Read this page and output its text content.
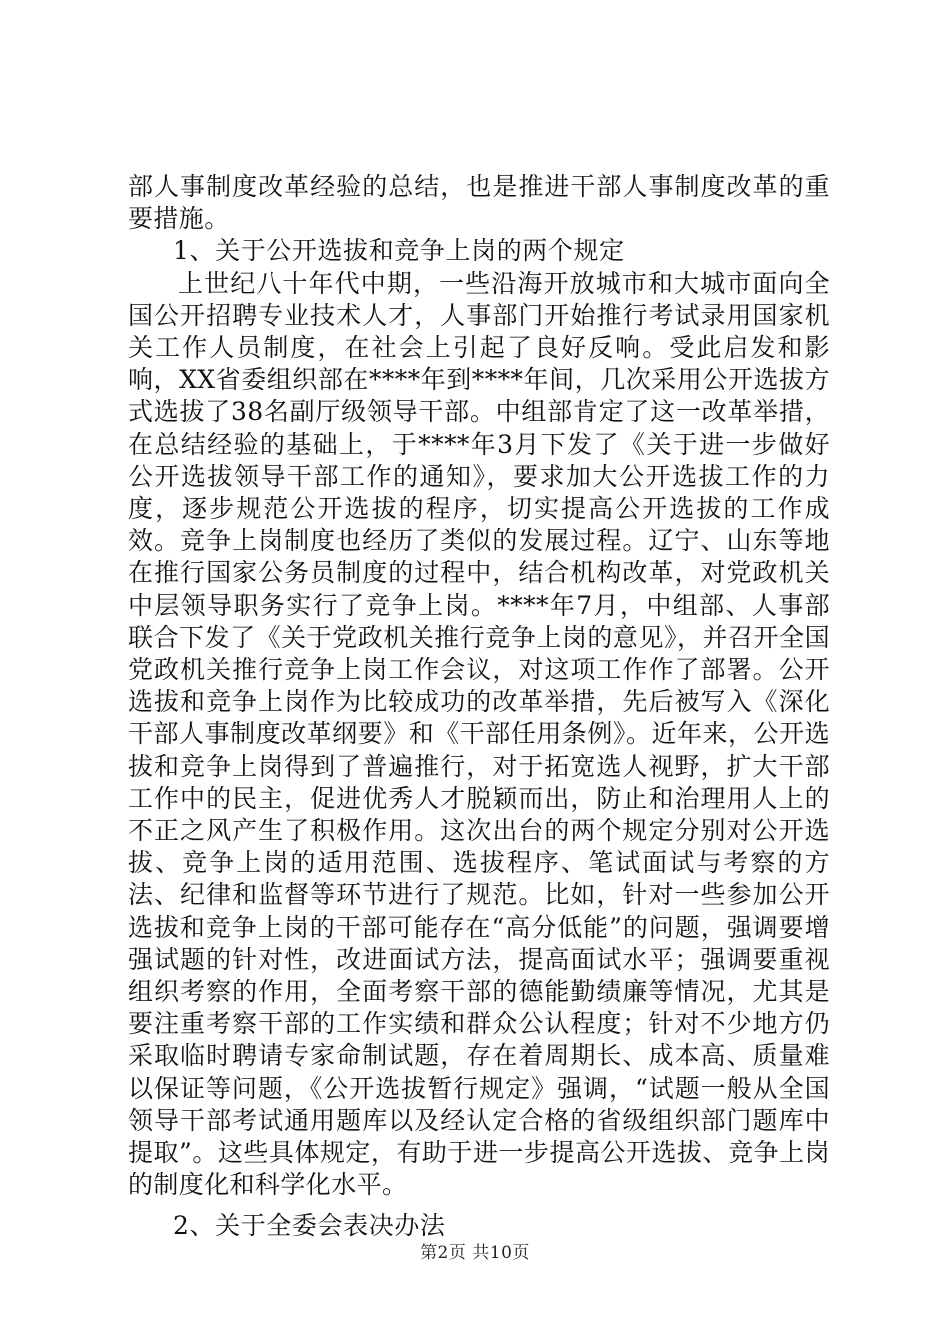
部人事制度改革经验的总结，也是推进干部人事制度改革的重要措施。

1、关于公开选拔和竞争上岗的两个规定

上世纪八十年代中期，一些沿海开放城市和大城市面向全国公开招聘专业技术人才，人事部门开始推行考试录用国家机关工作人员制度，在社会上引起了良好反响。受此启发和影响，XX省委组织部在****年到****年间，几次采用公开选拔方式选拔了38名副厅级领导干部。中组部肯定了这一改革举措，在总结经验的基础上，于****年3月下发了《关于进一步做好公开选拔领导干部工作的通知》，要求加大公开选拔工作的力度，逐步规范公开选拔的程序，切实提高公开选拔的工作成效。竞争上岗制度也经历了类似的发展过程。辽宁、山东等地在推行国家公务员制度的过程中，结合机构改革，对党政机关中层领导职务实行了竞争上岗。****年7月，中组部、人事部联合下发了《关于党政机关推行竞争上岗的意见》，并召开全国党政机关推行竞争上岗工作会议，对这项工作作了部署。公开选拔和竞争上岗作为比较成功的改革举措，先后被写入《深化干部人事制度改革纲要》和《干部任用条例》。近年来，公开选拔和竞争上岗得到了普遍推行，对于拓宽选人视野，扩大干部工作中的民主，促进优秀人才脱颖而出，防止和治理用人上的不正之风产生了积极作用。这次出台的两个规定分别对公开选拔、竞争上岗的适用范围、选拔程序、笔试面试与考察的方法、纪律和监督等环节进行了规范。比如，针对一些参加公开选拔和竞争上岗的干部可能存在“高分低能”的问题，强调要增强试题的针对性，改进面试方法，提高面试水平；强调要重视组织考察的作用，全面考察干部的德能勤绩廉等情况，尤其是要注重考察干部的工作实绩和群众公认程度；针对不少地方仍采取临时聘请专家命制试题，存在着周期长、成本高、质量难以保证等问题，《公开选拔暂行规定》强调，“试题一般从全国领导干部考试通用题库以及经认定合格的省级组织部门题库中提取”。这些具体规定，有助于进一步提高公开选拔、竞争上岗的制度化和科学化水平。

2、关于全委会表决办法

第2页 共10页
